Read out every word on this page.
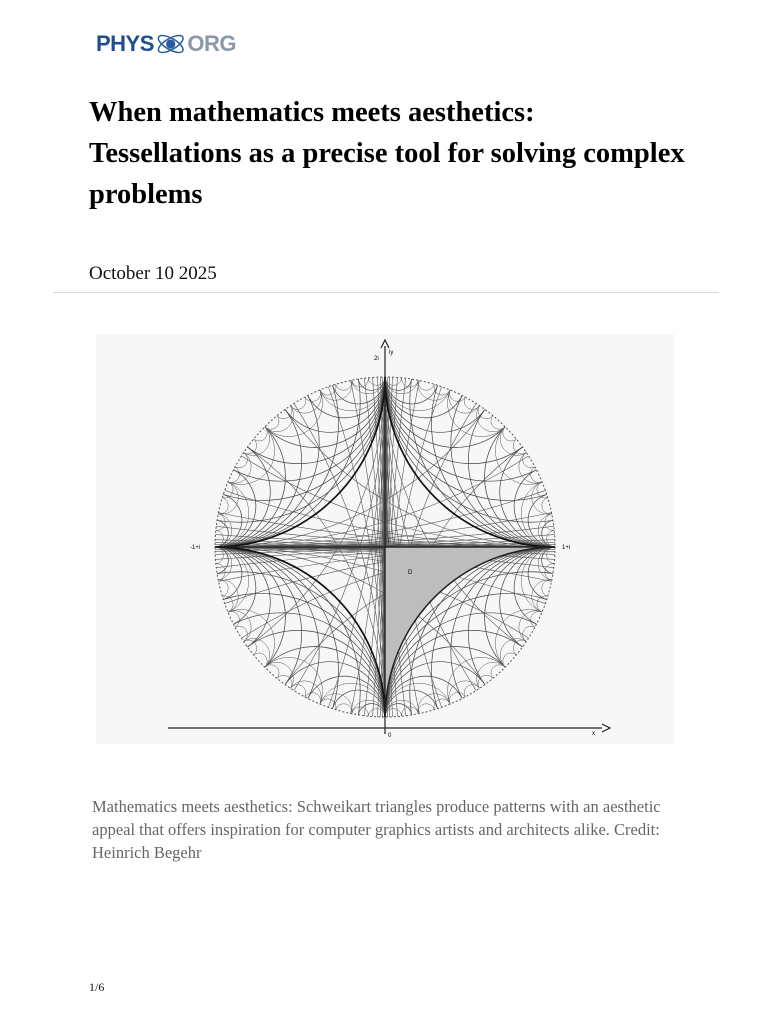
PHYS ORG
When mathematics meets aesthetics: Tessellations as a precise tool for solving complex problems
October 10 2025
2i
iy
-1+i	1+i
i
D
0	x

Mathematics meets aesthetics: Schweikart triangles produce patterns with an aesthetic appeal that offers inspiration for computer graphics artists and architects alike. Credit: Heinrich Begehr

1/6
